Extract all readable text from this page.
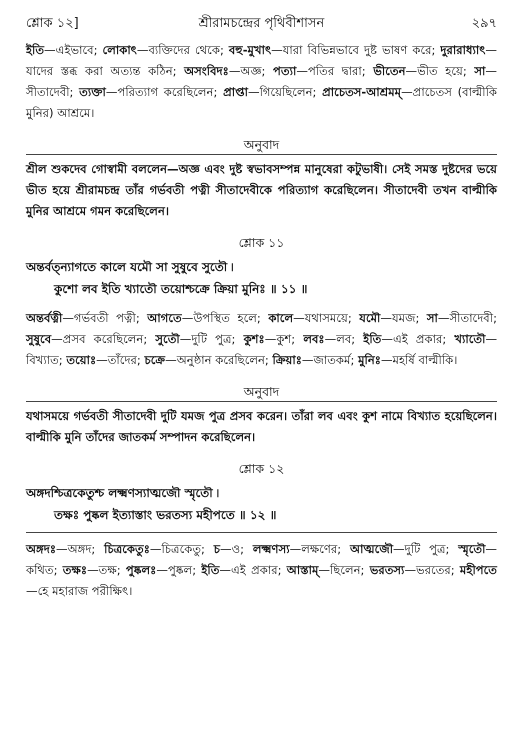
শ্লোক ১২]	শ্রীরামচন্দ্রের পৃথিবীশাসন	২৯৭

ইতি—এইভাবে; লোকাৎ—ব্যক্তিদের থেকে; বহু-মুখাৎ—যারা বিভিন্নভাবে দুষ্ট ভাষণ করে; দুরারাধ্যাৎ—যাদের স্তব্ধ করা অত্যন্ত কঠিন; অসংবিদঃ—অজ্ঞ; পত্যা—পতির দ্বারা; ভীতেন—ভীত হয়ে; সা—সীতাদেবী; ত্যক্তা—পরিত্যাগ করেছিলেন; প্রাপ্তা—গিয়েছিলেন; প্রাচেতস-আশ্রমম্—প্রাচেতস (বাল্মীকি মুনির) আশ্রমে।

অনুবাদ

শ্রীল শুকদেব গোস্বামী বললেন—অজ্ঞ এবং দুষ্ট স্বভাবসম্পন্ন মানুষেরা কটুভাষী। সেই সমস্ত দুষ্টদের ভয়ে ভীত হয়ে শ্রীরামচন্দ্র তাঁর গর্ভবতী পত্নী সীতাদেবীকে পরিত্যাগ করেছিলেন। সীতাদেবী তখন বাল্মীকি মুনির আশ্রমে গমন করেছিলেন।

শ্লোক ১১

অন্তর্বত্‌ন্যাগতে কালে যমৌ সা সুষুবে সুতৌ ৷
কুশো লব ইতি খ্যাতৌ তয়োশ্চক্রে ক্রিয়া মুনিঃ ॥ ১১ ॥

অন্তর্বত্নী—গর্ভবতী পত্নী; আগতে—উপস্থিত হলে; কালে—যথাসময়ে; যমৌ—যমজ; সা—সীতাদেবী; সুষুবে—প্রসব করেছিলেন; সুতৌ—দুটি পুত্র; কুশঃ—কুশ; লবঃ—লব; ইতি—এই প্রকার; খ্যাতৌ—বিখ্যাত; তয়োঃ—তাঁদের; চক্রে—অনুষ্ঠান করেছিলেন; ক্রিয়াঃ—জাতকর্ম; মুনিঃ—মহর্ষি বাল্মীকি।

অনুবাদ

যথাসময়ে গর্ভবতী সীতাদেবী দুটি যমজ পুত্র প্রসব করেন। তাঁরা লব এবং কুশ নামে বিখ্যাত হয়েছিলেন। বাল্মীকি মুনি তাঁদের জাতকর্ম সম্পাদন করেছিলেন।

শ্লোক ১২

অঙ্গদশ্চিত্রকেতুশ্চ লক্ষ্মণস্যাত্মজৌ স্মৃতৌ ৷
তক্ষঃ পুষ্কল ইত্যাস্তাং ভরতস্য মহীপতে ॥ ১২ ॥

অঙ্গদঃ—অঙ্গদ; চিত্রকেতুঃ—চিত্রকেতু; চ—ও; লক্ষ্মণস্য—লক্ষণের; আত্মজৌ—দুটি পুত্র; স্মৃতৌ—কথিত; তক্ষঃ—তক্ষ; পুষ্কলঃ—পুষ্কল; ইতি—এই প্রকার; আস্তাম্—ছিলেন; ভরতস্য—ভরতের; মহীপতে—হে মহারাজ পরীক্ষিৎ।
